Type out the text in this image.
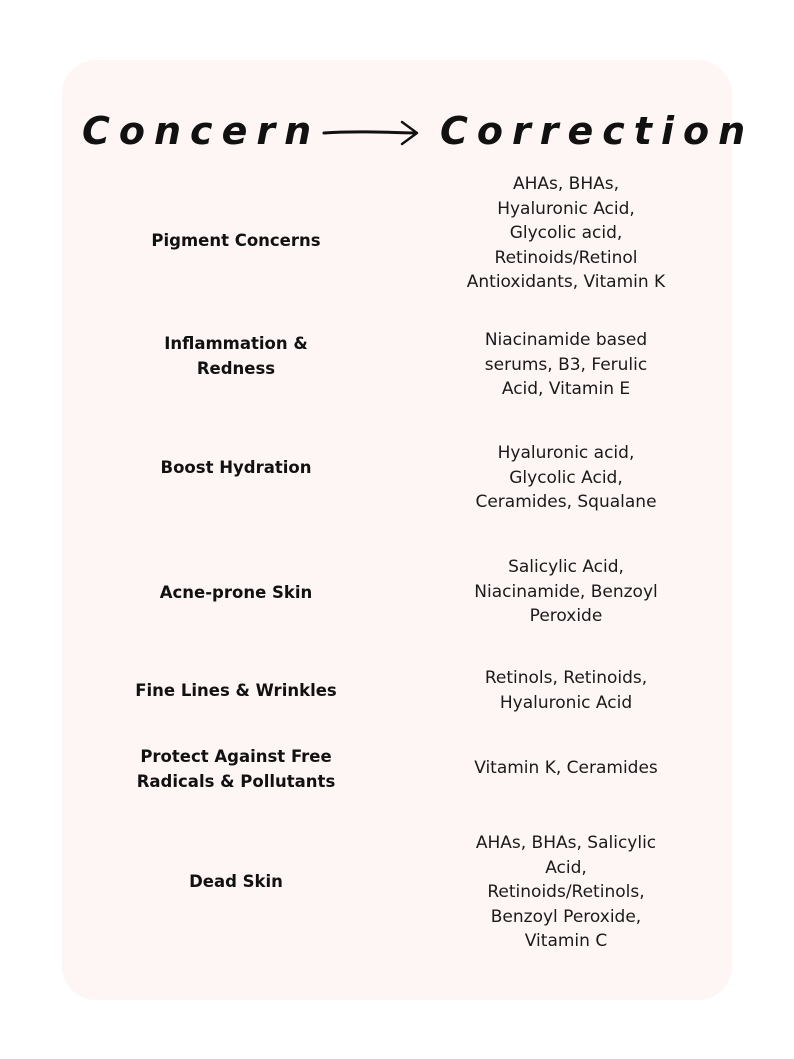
Concern	Correction
Pigment Concerns
AHAs, BHAs,
Hyaluronic Acid,
Glycolic acid,
Retinoids/Retinol
Antioxidants, Vitamin K
Inflammation &
Redness
Niacinamide based
serums, B3, Ferulic
Acid, Vitamin E
Boost Hydration
Hyaluronic acid,
Glycolic Acid,
Ceramides, Squalane
Acne-prone Skin
Salicylic Acid,
Niacinamide, Benzoyl
Peroxide
Fine Lines & Wrinkles
Retinols, Retinoids,
Hyaluronic Acid
Protect Against Free
Radicals & Pollutants
Vitamin K, Ceramides
Dead Skin
AHAs, BHAs, Salicylic
Acid,
Retinoids/Retinols,
Benzoyl Peroxide,
Vitamin C
